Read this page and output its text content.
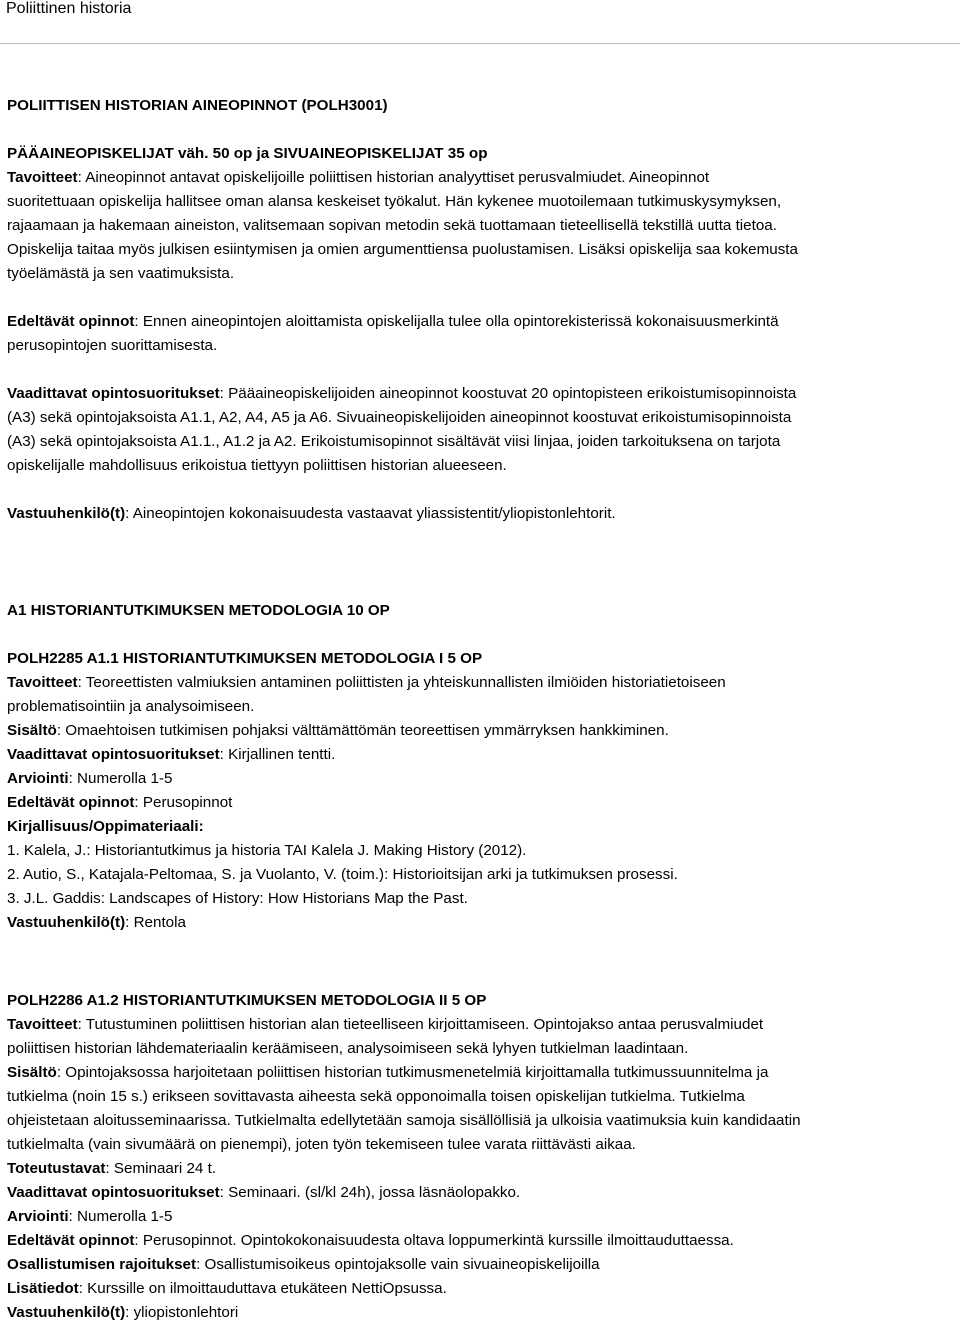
Poliittinen historia

POLIITTISEN HISTORIAN AINEOPINNOT (POLH3001)

PÄÄAINEOPISKELIJAT väh. 50 op ja SIVUAINEOPISKELIJAT 35 op

Tavoitteet: Aineopinnot antavat opiskelijoille poliittisen historian analyyttiset perusvalmiudet. Aineopinnot

suoritettuaan opiskelija hallitsee oman alansa keskeiset työkalut. Hän kykenee muotoilemaan tutkimuskysymyksen,

rajaamaan ja hakemaan aineiston, valitsemaan sopivan metodin sekä tuottamaan tieteellisellä tekstillä uutta tietoa.

Opiskelija taitaa myös julkisen esiintymisen ja omien argumenttiensa puolustamisen. Lisäksi opiskelija saa kokemusta

työelämästä ja sen vaatimuksista.

Edeltävät opinnot: Ennen aineopintojen aloittamista opiskelijalla tulee olla opintorekisterissä kokonaisuusmerkintä

perusopintojen suorittamisesta.

Vaadittavat opintosuoritukset: Pääaineopiskelijoiden aineopinnot koostuvat 20 opintopisteen erikoistumisopinnoista

(A3) sekä opintojaksoista A1.1, A2, A4, A5 ja A6. Sivuaineopiskelijoiden aineopinnot koostuvat erikoistumisopinnoista

(A3) sekä opintojaksoista A1.1., A1.2 ja A2. Erikoistumisopinnot sisältävät viisi linjaa, joiden tarkoituksena on tarjota

opiskelijalle mahdollisuus erikoistua tiettyyn poliittisen historian alueeseen.

Vastuuhenkilö(t): Aineopintojen kokonaisuudesta vastaavat yliassistentit/yliopistonlehtorit.

A1 HISTORIANTUTKIMUKSEN METODOLOGIA 10 OP

POLH2285 A1.1 HISTORIANTUTKIMUKSEN METODOLOGIA I 5 OP

Tavoitteet: Teoreettisten valmiuksien antaminen poliittisten ja yhteiskunnallisten ilmiöiden historiatietoiseen

problematisointiin ja analysoimiseen.

Sisältö: Omaehtoisen tutkimisen pohjaksi välttämättömän teoreettisen ymmärryksen hankkiminen.

Vaadittavat opintosuoritukset: Kirjallinen tentti.

Arviointi: Numerolla 1-5

Edeltävät opinnot: Perusopinnot

Kirjallisuus/Oppimateriaali:

1. Kalela, J.: Historiantutkimus ja historia TAI Kalela J. Making History (2012).

2. Autio, S., Katajala-Peltomaa, S. ja Vuolanto, V. (toim.): Historioitsijan arki ja tutkimuksen prosessi.

3. J.L. Gaddis: Landscapes of History: How Historians Map the Past.

Vastuuhenkilö(t): Rentola

POLH2286 A1.2 HISTORIANTUTKIMUKSEN METODOLOGIA II 5 OP

Tavoitteet: Tutustuminen poliittisen historian alan tieteelliseen kirjoittamiseen. Opintojakso antaa perusvalmiudet

poliittisen historian lähdemateriaalin keräämiseen, analysoimiseen sekä lyhyen tutkielman laadintaan.

Sisältö: Opintojaksossa harjoitetaan poliittisen historian tutkimusmenetelmiä kirjoittamalla tutkimussuunnitelma ja

tutkielma (noin 15 s.) erikseen sovittavasta aiheesta sekä opponoimalla toisen opiskelijan tutkielma. Tutkielma

ohjeistetaan aloitusseminaarissa. Tutkielmalta edellytetään samoja sisällöllisiä ja ulkoisia vaatimuksia kuin kandidaatin

tutkielmalta (vain sivumäärä on pienempi), joten työn tekemiseen tulee varata riittävästi aikaa.

Toteutustavat: Seminaari 24 t.

Vaadittavat opintosuoritukset: Seminaari. (sl/kl 24h), jossa läsnäolopakko.

Arviointi: Numerolla 1-5

Edeltävät opinnot: Perusopinnot. Opintokokonaisuudesta oltava loppumerkintä kurssille ilmoittauduttaessa.

Osallistumisen rajoitukset: Osallistumisoikeus opintojaksolle vain sivuaineopiskelijoilla

Lisätiedot: Kurssille on ilmoittauduttava etukäteen NettiOpsussa.

Vastuuhenkilö(t): yliopistonlehtori
